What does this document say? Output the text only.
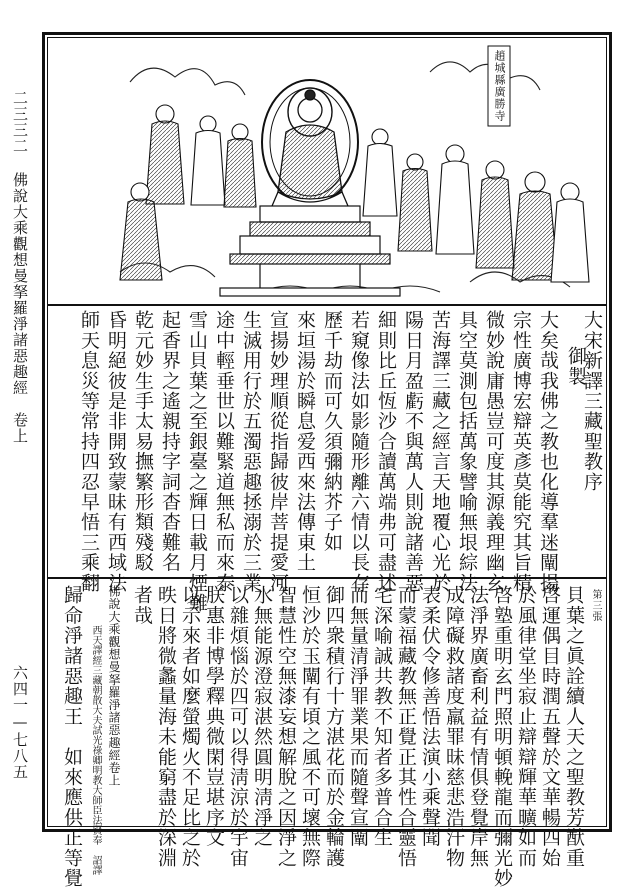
二三三二
佛說大乘觀想曼拏羅淨諸惡趣經　卷上
六四一—七八五
趙城縣廣勝寺
大宋新譯三藏聖教序
御製
大矣哉我佛之教也化導羣迷闡揚
宗性廣博宏辯英彥莫能究其旨精
微妙說庸愚豈可度其源義理幽玄
具空莫測包括萬象譬喻無垠綜法
苦海譯三藏之經言天地覆心光於
陽日月盈虧不與萬人則說諸善惡
細則比丘恆沙合讀萬端弗可盡述
若窺像法如影隨形離六情以長存
歷千劫而可久須彌納芥子如
來垣湯於瞬息爱西來法傳東土
宣揚妙理順從指歸彼岸菩提愛河
生滅用行於五濁惡趣拯溺於三業
途中輕垂世以難緊道無私而來泰
雪山貝葉之至銀臺之輝日載月煙難
起香界之遙親持字詞杳杳難名
乾元妙生手太易撫繁形類殘駁
昏明絕彼是非開致蒙昧有西域法
師天息災等常持四忍早悟三乘翻
第三張
貝葉之眞詮續人天之聖教芳猷重
啓運偶目時潤五聲於文華暢四始
於風律堂坐寂止辯辯輝華曠如而
啓塾重明玄門照明頓輓龍而彌光妙
法淨界廣畜利益有情俱登覺岸無
成障礙救諸度羸罪昧慈悲浩汗物
表柔伏令修善悟法演小乘聲聞
而蒙福藏教無正覺正其性合靈悟
宅深喻誠共教不知者多普合生
而無量清淨罪業果而隨聲宣闡
御四衆積行十方湛花而於金輪護
恒沙於玉闡有頃之風不可壞無際
智慧性空無漆妄想解脫之因淨之
水無能源澄寂湛然圓明淸淨之
以雜煩惱於四可以得淸涼於宇宙
朕惠非博學釋典微閑豈堪序文
以示來者如麼螢燭火不足比之於
昳日將微蠡量海未能窮盡於深淵
者哉
佛說大乘觀想曼拏羅淨諸惡趣經卷上
西天譯經三藏朝散大夫試光祿卿明教大師臣法賢奉　詔譯
歸命淨諸惡趣王　如來應供正等覺
